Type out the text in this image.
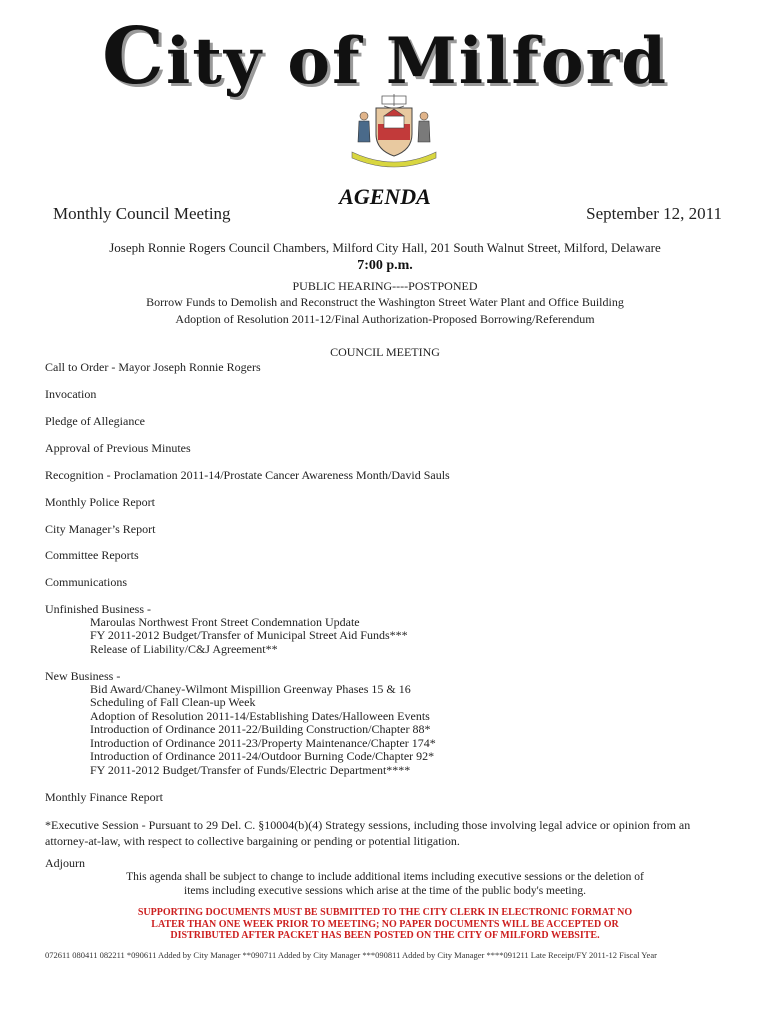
City of Milford
AGENDA
Monthly Council Meeting	September 12, 2011
Joseph Ronnie Rogers Council Chambers, Milford City Hall, 201 South Walnut Street, Milford, Delaware
7:00 p.m.
PUBLIC HEARING----POSTPONED
Borrow Funds to Demolish and Reconstruct the Washington Street Water Plant and Office Building
Adoption of Resolution 2011-12/Final Authorization-Proposed Borrowing/Referendum
COUNCIL MEETING
Call to Order - Mayor Joseph Ronnie Rogers
Invocation
Pledge of Allegiance
Approval of Previous Minutes
Recognition - Proclamation 2011-14/Prostate Cancer Awareness Month/David Sauls
Monthly Police Report
City Manager’s Report
Committee Reports
Communications
Unfinished Business -
Maroulas Northwest Front Street Condemnation Update
FY 2011-2012 Budget/Transfer of Municipal Street Aid Funds***
Release of Liability/C&J Agreement**
New Business -
Bid Award/Chaney-Wilmont Mispillion Greenway Phases 15 & 16
Scheduling of Fall Clean-up Week
Adoption of Resolution 2011-14/Establishing Dates/Halloween Events
Introduction of Ordinance 2011-22/Building Construction/Chapter 88*
Introduction of Ordinance 2011-23/Property Maintenance/Chapter 174*
Introduction of Ordinance 2011-24/Outdoor Burning Code/Chapter 92*
FY 2011-2012 Budget/Transfer of Funds/Electric Department****
Monthly Finance Report
*Executive Session - Pursuant to 29 Del. C. §10004(b)(4) Strategy sessions, including those involving legal advice or opinion from an attorney-at-law, with respect to collective bargaining or pending or potential litigation.
Adjourn
This agenda shall be subject to change to include additional items including executive sessions or the deletion of items including executive sessions which arise at the time of the public body's meeting.
SUPPORTING DOCUMENTS MUST BE SUBMITTED TO THE CITY CLERK IN ELECTRONIC FORMAT NO LATER THAN ONE WEEK PRIOR TO MEETING; NO PAPER DOCUMENTS WILL BE ACCEPTED OR DISTRIBUTED AFTER PACKET HAS BEEN POSTED ON THE CITY OF MILFORD WEBSITE.
072611 080411 082211 *090611 Added by City Manager **090711 Added by City Manager ***090811 Added by City Manager ****091211 Late Receipt/FY 2011-12 Fiscal Year
